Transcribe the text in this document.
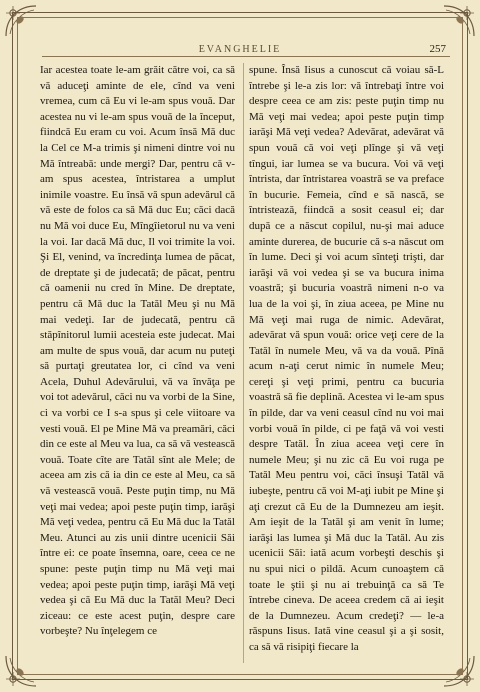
EVANGHELIE	257

Iar acestea toate le-am grăit către voi, ca să vă aduceţi aminte de ele, cînd va veni vremea, cum că Eu vi le-am spus vouă. Dar acestea nu vi le-am spus vouă de la început, fiindcă Eu eram cu voi. Acum însă Mă duc la Cel ce M-a trimis şi nimeni dintre voi nu Mă întreabă: unde mergi? Dar, pentru că v-am spus acestea, întristarea a umplut inimile voastre. Eu însă vă spun adevărul că vă este de folos ca să Mă duc Eu; căci dacă nu Mă voi duce Eu, Mîngîietorul nu va veni la voi. Iar dacă Mă duc, Il voi trimite la voi. Şi El, venind, va încredinţa lumea de păcat, de dreptate şi de judecată; de păcat, pentru că oamenii nu cred în Mine. De dreptate, pentru că Mă duc la Tatăl Meu şi nu Mă mai vedeţi. Iar de judecată, pentru că stăpînitorul lumii acesteia este judecat. Mai am multe de spus vouă, dar acum nu puteţi să purtaţi greutatea lor, ci cînd va veni Acela, Duhul Adevărului, vă va învăţa pe voi tot adevărul, căci nu va vorbi de la Sine, ci va vorbi ce I s-a spus şi cele viitoare va vesti vouă. El pe Mine Mă va preamări, căci din ce este al Meu va lua, ca să vă vestească vouă. Toate cîte are Tatăl sînt ale Mele; de aceea am zis că ia din ce este al Meu, ca să vă vestească vouă. Peste puţin timp, nu Mă veţi mai vedea; apoi peste puţin timp, iarăşi Mă veţi vedea, pentru că Eu Mă duc la Tatăl Meu. Atunci au zis unii dintre ucenicii Săi între ei: ce poate însemna, oare, ceea ce ne spune: peste puţin timp nu Mă veţi mai vedea; apoi peste puţin timp, iarăşi Mă veţi vedea şi că Eu Mă duc la Tatăl Meu? Deci ziceau: ce este acest puţin, despre care vorbeşte? Nu înţelegem ce

spune. Însă Iisus a cunoscut că voiau să-L întrebe şi le-a zis lor: vă întrebaţi între voi despre ceea ce am zis: peste puţin timp nu Mă veţi mai vedea; apoi peste puţin timp iarăşi Mă veţi vedea? Adevărat, adevărat vă spun vouă că voi veţi plînge şi vă veţi tîngui, iar lumea se va bucura. Voi vă veţi întrista, dar întristarea voastră se va preface în bucurie. Femeia, cînd e să nască, se întristează, fiindcă a sosit ceasul ei; dar după ce a născut copilul, nu-şi mai aduce aminte durerea, de bucurie că s-a născut om în lume. Deci şi voi acum sînteţi trişti, dar iarăşi vă voi vedea şi se va bucura inima voastră; şi bucuria voastră nimeni n-o va lua de la voi şi, în ziua aceea, pe Mine nu Mă veţi mai ruga de nimic. Adevărat, adevărat vă spun vouă: orice veţi cere de la Tatăl în numele Meu, vă va da vouă. Pînă acum n-aţi cerut nimic în numele Meu; cereţi şi veţi primi, pentru ca bucuria voastră să fie deplină. Acestea vi le-am spus în pilde, dar va veni ceasul cînd nu voi mai vorbi vouă în pilde, ci pe faţă vă voi vesti despre Tatăl. În ziua aceea veţi cere în numele Meu; şi nu zic că Eu voi ruga pe Tatăl Meu pentru voi, căci însuşi Tatăl vă iubeşte, pentru că voi M-aţi iubit pe Mine şi aţi crezut că Eu de la Dumnezeu am ieşit. Am ieşit de la Tatăl şi am venit în lume; iarăşi las lumea şi Mă duc la Tatăl. Au zis ucenicii Săi: iată acum vorbeşti deschis şi nu spui nici o pildă. Acum cunoaştem că toate le ştii şi nu ai trebuinţă ca să Te întrebe cineva. De aceea credem că ai ieşit de la Dumnezeu. Acum credeţi? — le-a răspuns Iisus. Iată vine ceasul şi a şi sosit, ca să vă risipiţi fiecare la
